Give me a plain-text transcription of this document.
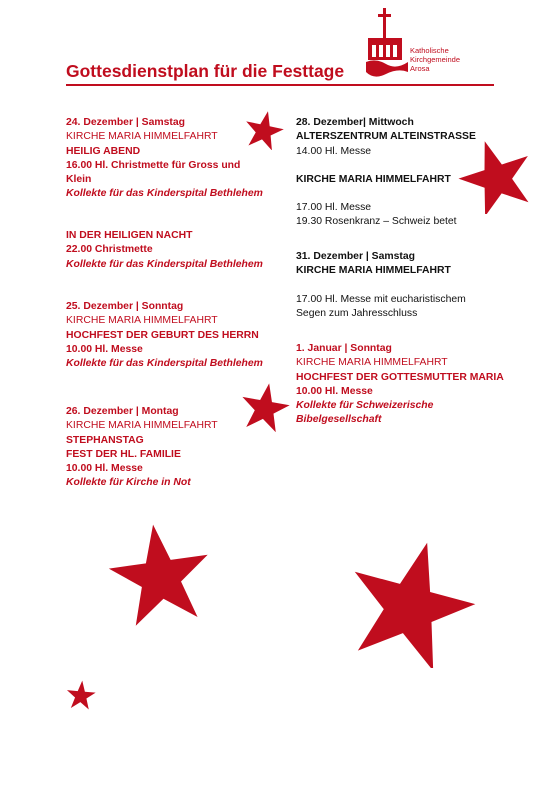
Gottesdienstplan für die Festtage
Katholische
Kirchgemeinde
Arosa
24. Dezember | Samstag
KIRCHE MARIA HIMMELFAHRT
HEILIG ABEND
16.00 Hl. Christmette für Gross und
Klein
Kollekte für das Kinderspital Bethlehem
IN DER HEILIGEN NACHT
22.00 Christmette
Kollekte für das Kinderspital Bethlehem
25. Dezember | Sonntag
KIRCHE MARIA HIMMELFAHRT
HOCHFEST DER GEBURT DES HERRN
10.00 Hl. Messe
Kollekte für das Kinderspital Bethlehem
26. Dezember | Montag
KIRCHE MARIA HIMMELFAHRT
STEPHANSTAG
FEST DER HL. FAMILIE
10.00 Hl. Messe
Kollekte für Kirche in Not
28. Dezember| Mittwoch
ALTERSZENTRUM ALTEINSTRASSE
14.00 Hl. Messe
KIRCHE MARIA HIMMELFAHRT
17.00 Hl. Messe
19.30 Rosenkranz – Schweiz betet
31. Dezember | Samstag
KIRCHE MARIA HIMMELFAHRT
17.00 Hl. Messe mit eucharistischem
Segen zum Jahresschluss
1. Januar | Sonntag
KIRCHE MARIA HIMMELFAHRT
HOCHFEST DER GOTTESMUTTER MARIA
10.00 Hl. Messe
Kollekte für Schweizerische
Bibelgesellschaft
